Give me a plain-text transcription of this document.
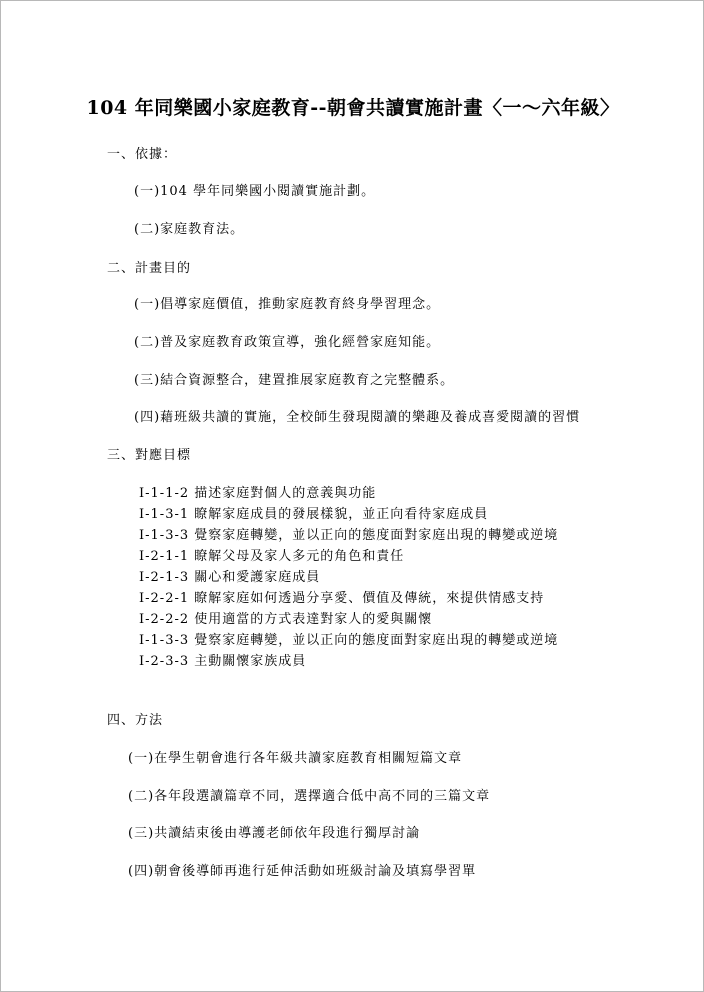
104 年同樂國小家庭教育--朝會共讀實施計畫〈一～六年級〉
一、依據：
(一)104 學年同樂國小閱讀實施計劃。
(二)家庭教育法。
二、計畫目的
(一)倡導家庭價值，推動家庭教育終身學習理念。
(二)普及家庭教育政策宣導，強化經營家庭知能。
(三)結合資源整合，建置推展家庭教育之完整體系。
(四)藉班級共讀的實施，全校師生發現閱讀的樂趣及養成喜愛閱讀的習慣
三、對應目標
I-1-1-2 描述家庭對個人的意義與功能
I-1-3-1 瞭解家庭成員的發展樣貌，並正向看待家庭成員
I-1-3-3 覺察家庭轉變，並以正向的態度面對家庭出現的轉變或逆境
I-2-1-1 瞭解父母及家人多元的角色和責任
I-2-1-3 關心和愛護家庭成員
I-2-2-1 瞭解家庭如何透過分享愛、價值及傳統，來提供情感支持
I-2-2-2 使用適當的方式表達對家人的愛與關懷
I-1-3-3 覺察家庭轉變，並以正向的態度面對家庭出現的轉變或逆境
I-2-3-3 主動關懷家族成員
四、方法
(一)在學生朝會進行各年級共讀家庭教育相關短篇文章
(二)各年段選讀篇章不同，選擇適合低中高不同的三篇文章
(三)共讀結束後由導護老師依年段進行獨厚討論
(四)朝會後導師再進行延伸活動如班級討論及填寫學習單
